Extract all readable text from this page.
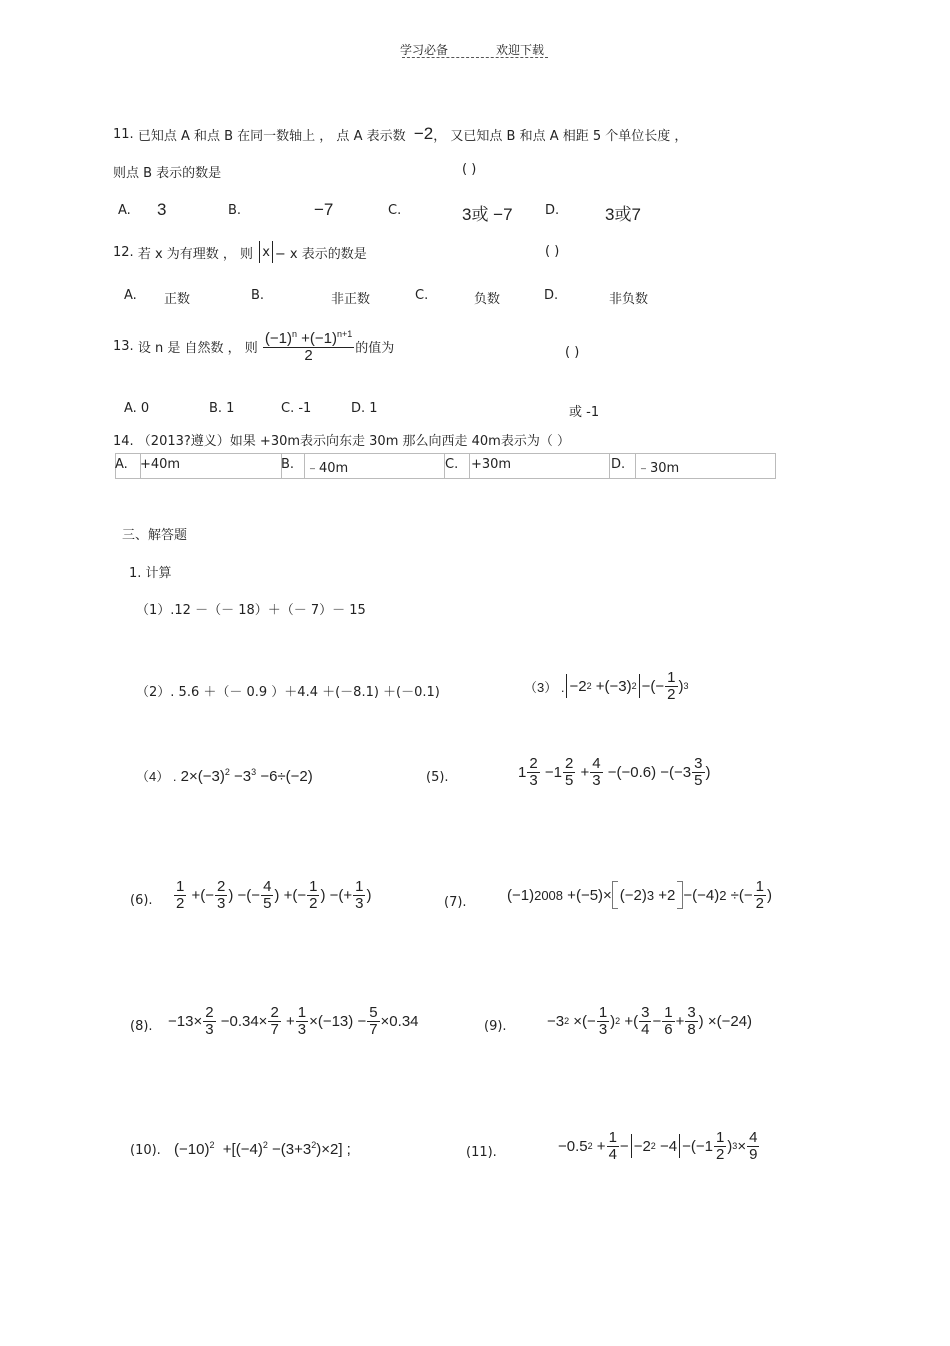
学习必备	欢迎下载
11.
已知点 A 和点 B 在同一数轴上 ， 点 A 表示数
−2 ， 又已知点 B 和点 A 相距 5 个单位长度 ，
则点 B 表示的数是	( )
A. 3	B.	−7	C.	3或 −7 D.	3或7
12.
若 x 为有理数 ， 则
x − x 表示的数是	( )
A. 正数	B.	非正数	C.	负数	D.	非负数
13.
设 n 是 自然数 ， 则
$\frac{(-1)^n +(-1)^{n+1}}{2}$ 的值为	( )
A. 0	B. 1	C. -1	D. 1	或 -1
14. （2013?遵义）如果 +30m表示向东走 30m 那么向西走 40m表示为（ ）
A. +40m	B. ﹣40m	C. +30m	D. ﹣30m
三、解答题
1. 计算
（1）.12 －（－ 18）＋（－ 7）－ 15
（2）. 5.6 ＋（－ 0.9 ）＋4.4 ＋(－8.1) ＋(－0.1)	（3） . −2 2 +(−3) 2 −(− $\frac{1}{2}$ ) 3
（4） . $2\times(-3)^2 -3^3 -6\div(-2)$	(5).	$1 \frac{2}{3} -1 \frac{2}{5} + \frac{4}{3} -(-0.6) -(-3 \frac{3}{5}$ )
(6). $\frac{1}{2}$ +(− $\frac{2}{3}$ ) −(− $\frac{4}{5}$ ) +(− $\frac{1}{2}$ ) −(+ $\frac{1}{3}$ )	(7).	(−1) 2008 +(−5)× (−2) 3 +2 −(−4) 2 ÷(− $\frac{1}{2}$ )
(8). $-13\times \frac{2}{3} -0.34\times \frac{2}{7} + \frac{1}{3} \times(-13) - \frac{5}{7} \times 0.34$	(9).	−3 2 ×(− $\frac{1}{3}$ ) 2 +( $\frac{3}{4} - \frac{1}{6} + \frac{3}{8}$ ) ×(−24)
(10). $(-10)^2 +[(-4)^2 -(3+3^2)\times 2]$ ;	(11).	−0.5 $2 + \frac{1}{4} - -2$ $2 -4 -(-1 \frac{1}{2}$ ) $3 \times \frac{4}{9}$
